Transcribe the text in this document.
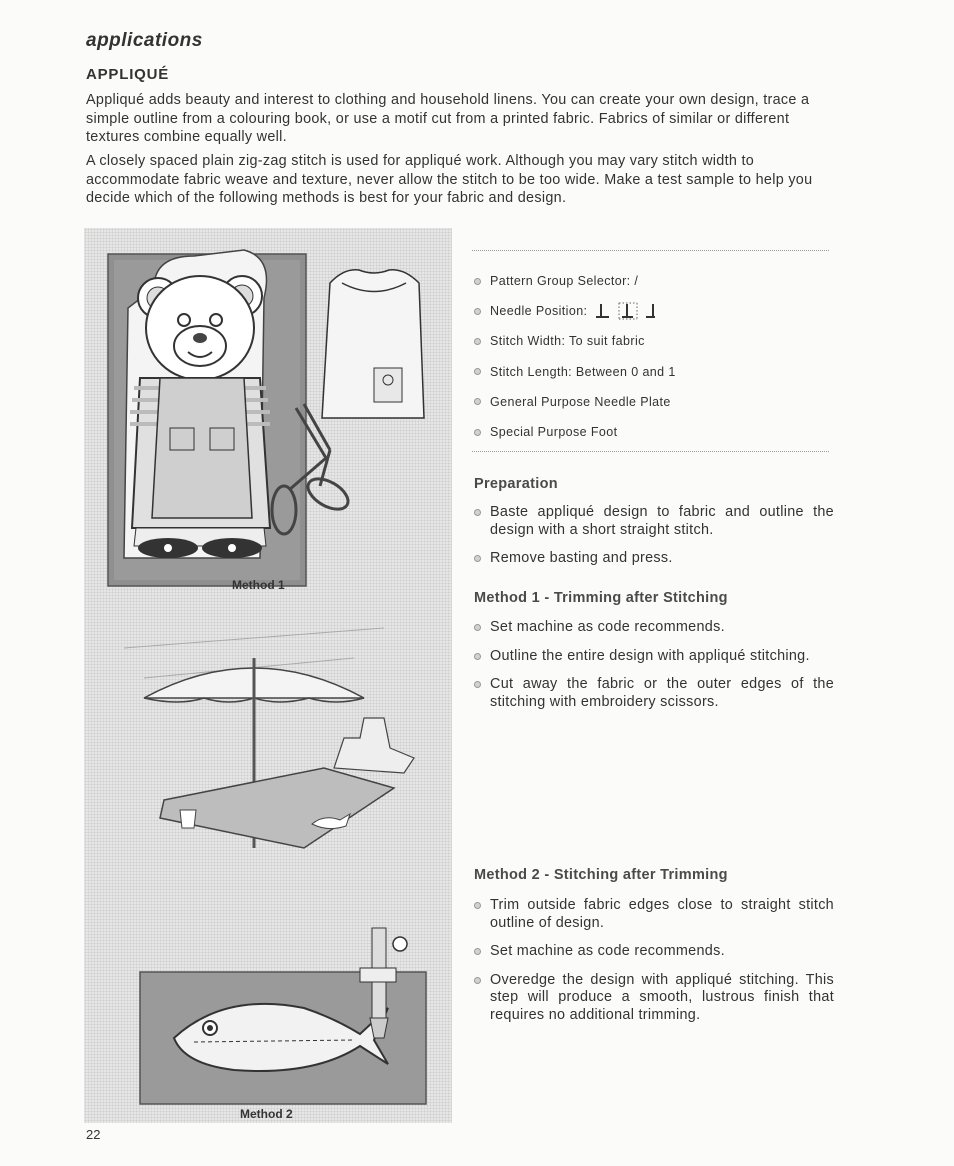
applications
APPLIQUÉ

Appliqué adds beauty and interest to clothing and household linens. You can create your own design, trace a simple outline from a colouring book, or use a motif cut from a printed fabric. Fabrics of similar or different textures combine equally well.

A closely spaced plain zig-zag stitch is used for appliqué work. Although you may vary stitch width to accommodate fabric weave and texture, never allow the stitch to be too wide. Make a test sample to help you decide which of the following methods is best for your fabric and design.

Method 1
Method 2
Pattern Group Selector: /
Needle Position:
Stitch Width: To suit fabric
Stitch Length: Between 0 and 1
General Purpose Needle Plate
Special Purpose Foot
Preparation
Baste appliqué design to fabric and outline the design with a short straight stitch.
Remove basting and press.
Method 1 - Trimming after Stitching
Set machine as code recommends.
Outline the entire design with appliqué stitching.
Cut away the fabric or the outer edges of the stitching with embroidery scissors.
Method 2 - Stitching after Trimming
Trim outside fabric edges close to straight stitch outline of design.
Set machine as code recommends.
Overedge the design with appliqué stitching. This step will produce a smooth, lustrous finish that requires no additional trimming.
22
